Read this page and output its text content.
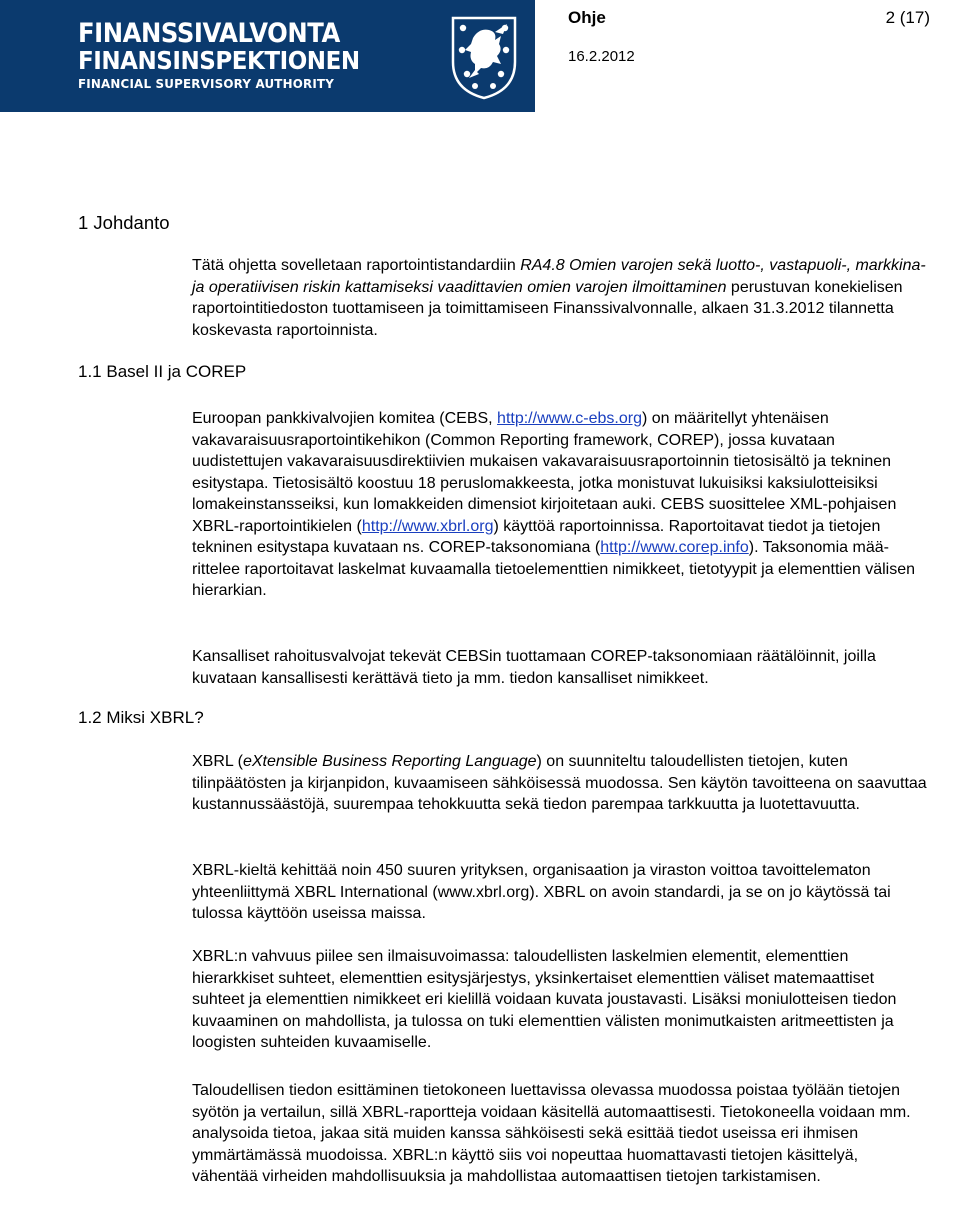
FINANSSIVALVONTA
FINANSINSPEKTIONEN
FINANCIAL SUPERVISORY AUTHORITY
Ohje	2 (17)
16.2.2012
1 Johdanto

Tätä ohjetta sovelletaan raportointistandardiin RA4.8 Omien varojen sekä luotto-, vastapuoli-, markkina- ja operatiivisen riskin kattamiseksi vaadittavien omien varojen ilmoittaminen perustuvan konekielisen raportointitiedoston tuottamiseen ja toimittamiseen Finanssivalvonnalle, alkaen 31.3.2012 tilannetta koskevasta raportoinnista.

1.1 Basel II ja COREP

Euroopan pankkivalvojien komitea (CEBS, http://www.c-ebs.org) on määritellyt yhtenäisen vakavaraisuusraportointikehikon (Common Reporting framework, COREP), jossa kuvataan uudistettujen vakavaraisuusdirektiivien mukaisen vakavaraisuusraportoinnin tietosisältö ja tekninen esitystapa. Tietosisältö koostuu 18 peruslomakkeesta, jotka monistuvat lukuisiksi kaksiulotteisiksi lomakeinstansseiksi, kun lomakkeiden dimensiot kirjoitetaan auki. CEBS suosittelee XML-pohjaisen XBRL-raportointikielen (http://www.xbrl.org) käyttöä raportoinnissa. Raportoitavat tiedot ja tietojen tekninen esitystapa kuvataan ns. COREP-taksonomiana (http://www.corep.info). Taksonomia määrittelee raportoitavat laskelmat kuvaamalla tietoelementtien nimikkeet, tietotyypit ja elementtien välisen hierarkian.

Kansalliset rahoitusvalvojat tekevät CEBSin tuottamaan COREP-taksonomiaan räätälöinnit, joilla kuvataan kansallisesti kerättävä tieto ja mm. tiedon kansalliset nimikkeet.

1.2 Miksi XBRL?

XBRL (eXtensible Business Reporting Language) on suunniteltu taloudellisten tietojen, kuten tilinpäätösten ja kirjanpidon, kuvaamiseen sähköisessä muodossa. Sen käytön tavoitteena on saavuttaa kustannussäästöjä, suurempaa tehokkuutta sekä tiedon parempaa tarkkuutta ja luotettavuutta.

XBRL-kieltä kehittää noin 450 suuren yrityksen, organisaation ja viraston voittoa tavoittelematon yhteenliittymä XBRL International (www.xbrl.org). XBRL on avoin standardi, ja se on jo käytössä tai tulossa käyttöön useissa maissa.

XBRL:n vahvuus piilee sen ilmaisuvoimassa: taloudellisten laskelmien elementit, elementtien hierarkkiset suhteet, elementtien esitysjärjestys, yksinkertaiset elementtien väliset matemaattiset suhteet ja elementtien nimikkeet eri kielillä voidaan kuvata joustavasti. Lisäksi moniulotteisen tiedon kuvaaminen on mahdollista, ja tulossa on tuki elementtien välisten monimutkaisten aritmeettisten ja loogisten suhteiden kuvaamiselle.

Taloudellisen tiedon esittäminen tietokoneen luettavissa olevassa muodossa poistaa työlään tietojen syötön ja vertailun, sillä XBRL-raportteja voidaan käsitellä automaattisesti. Tietokoneella voidaan mm. analysoida tietoa, jakaa sitä muiden kanssa sähköisesti sekä esittää tiedot useissa eri ihmisen ymmärtämässä muodoissa. XBRL:n käyttö siis voi nopeuttaa huomattavasti tietojen käsittelyä, vähentää virheiden mahdollisuuksia ja mahdollistaa automaattisen tietojen tarkistamisen.
